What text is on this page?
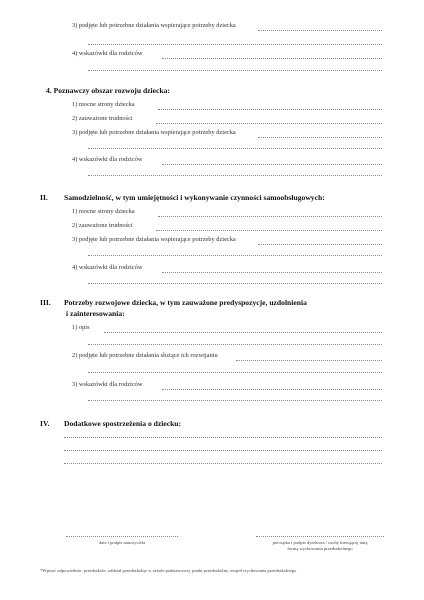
3) podjęte lub potrzebne działania wspierające potrzeby dziecka
4) wskazówki dla rodziców
4. Poznawczy obszar rozwoju dziecka:
1) mocne strony dziecka
2) zauważone trudności
3) podjęte lub potrzebne działania wspierające potrzeby dziecka
4) wskazówki dla rodziców
II. Samodzielność, w tym umiejętności i wykonywanie czynności samoobsługowych:
1) mocne strony dziecka
2) zauważone trudności
3) podjęte lub potrzebne działania wspierające potrzeby dziecka
4) wskazówki dla rodziców
III. Potrzeby rozwojowe dziecka, w tym zauważone predyspozycje, uzdolnienia
i zainteresowania:
1) opis
2) podjęte lub potrzebne działania służące ich rozwijaniu
3) wskazówki dla rodziców
IV. Dodatkowe spostrzeżenia o dziecku:
data i podpis nauczyciela	pieczątka i podpis dyrektora / osoby kierującej inną
formą wychowania przedszkolnego
*Wpisać odpowiednio: przedszkole, oddział przedszkolny w szkole podstawowej, punkt przedszkolny, zespół wychowania przedszkolnego
